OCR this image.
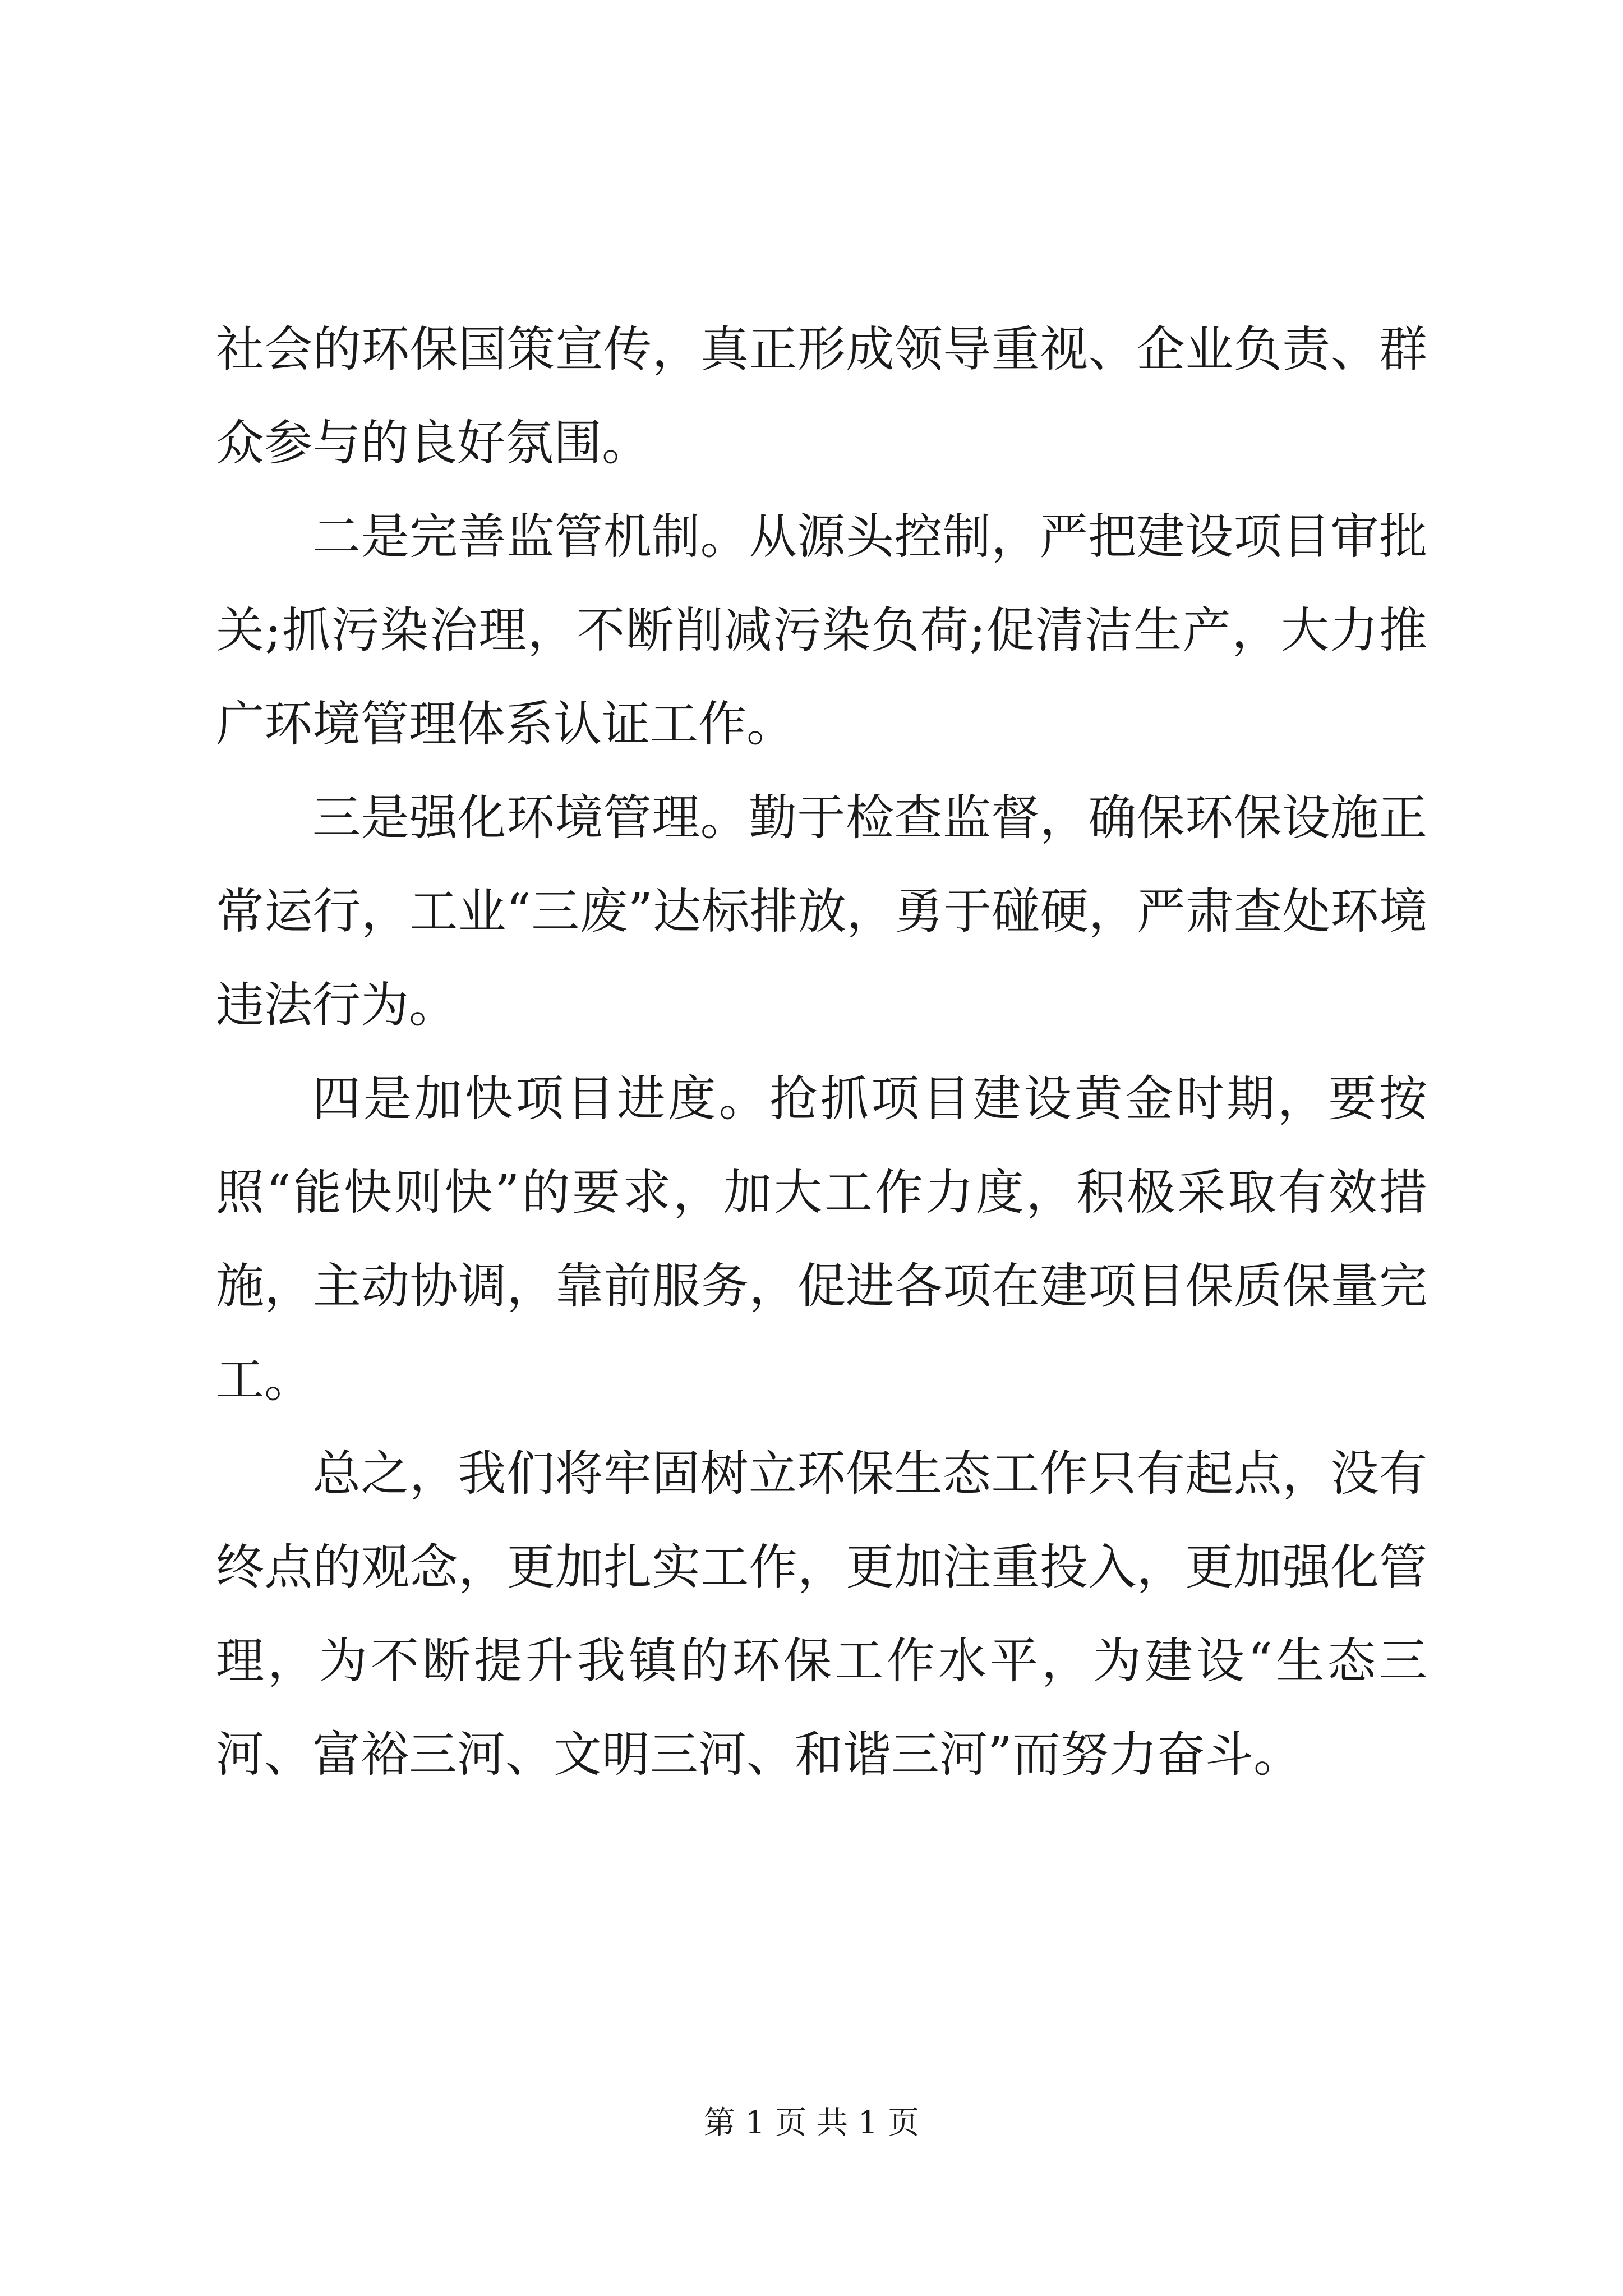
社会的环保国策宣传，真正形成领导重视、企业负责、群众参与的良好氛围。

二是完善监管机制。从源头控制，严把建设项目审批关;抓污染治理，不断削减污染负荷;促清洁生产，大力推广环境管理体系认证工作。

三是强化环境管理。勤于检查监督，确保环保设施正常运行，工业“三废”达标排放，勇于碰硬，严肃查处环境违法行为。

四是加快项目进度。抢抓项目建设黄金时期，要按照“能快则快”的要求，加大工作力度，积极采取有效措施，主动协调，靠前服务，促进各项在建项目保质保量完工。

总之，我们将牢固树立环保生态工作只有起点，没有终点的观念，更加扎实工作，更加注重投入，更加强化管理，为不断提升我镇的环保工作水平，为建设“生态三河、富裕三河、文明三河、和谐三河”而努力奋斗。

第 1 页 共 1 页
